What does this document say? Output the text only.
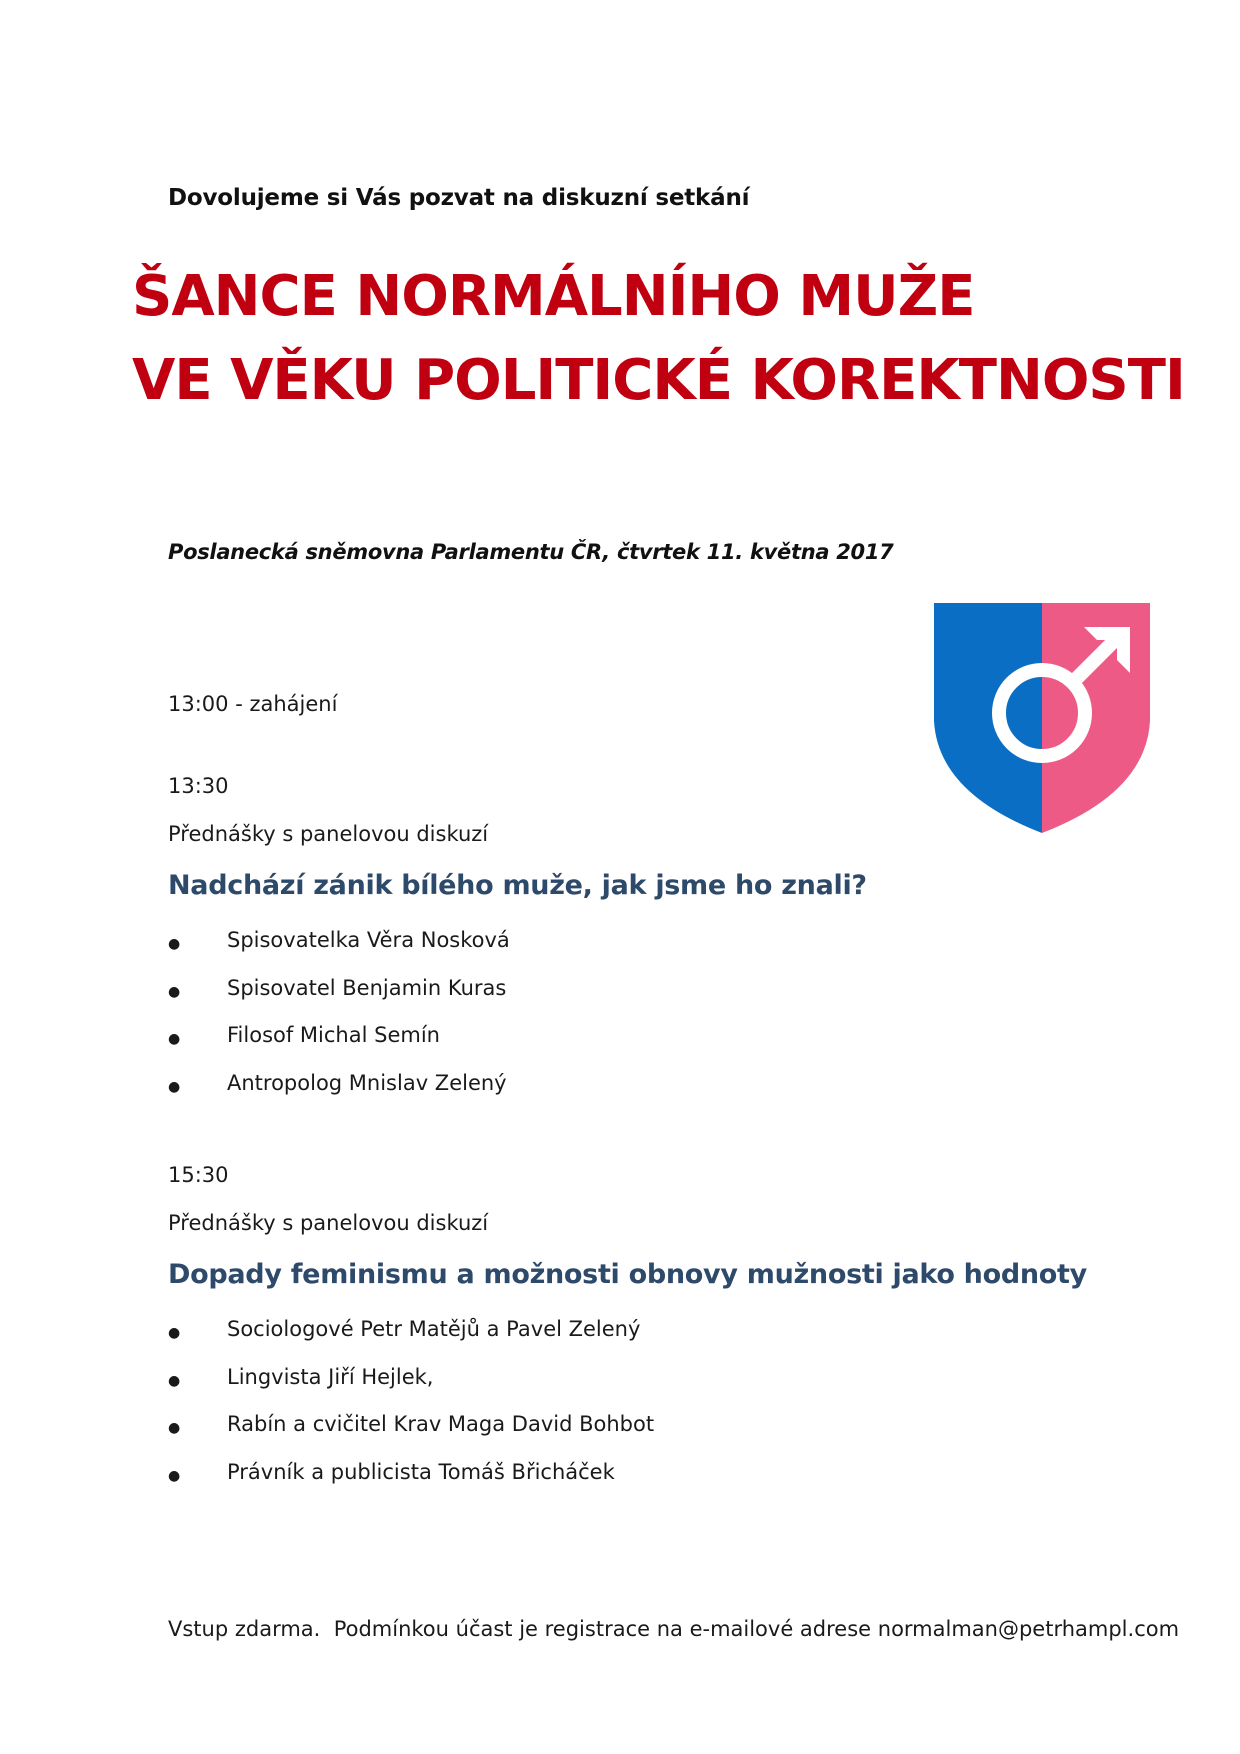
Dovolujeme si Vás pozvat na diskuzní setkání
ŠANCE NORMÁLNÍHO MUŽE
VE VĚKU POLITICKÉ KOREKTNOSTI
Poslanecká sněmovna Parlamentu ČR, čtvrtek 11. května 2017
13:00 - zahájení
13:30
Přednášky s panelovou diskuzí
Nadchází zánik bílého muže, jak jsme ho znali?
● Spisovatelka Věra Nosková
● Spisovatel Benjamin Kuras
● Filosof Michal Semín
● Antropolog Mnislav Zelený
15:30
Přednášky s panelovou diskuzí
Dopady feminismu a možnosti obnovy mužnosti jako hodnoty
● Sociologové Petr Matějů a Pavel Zelený
● Lingvista Jiří Hejlek,
● Rabín a cvičitel Krav Maga David Bohbot
● Právník a publicista Tomáš Břicháček
Vstup zdarma.  Podmínkou účast je registrace na e-mailové adrese normalman@petrhampl.com
